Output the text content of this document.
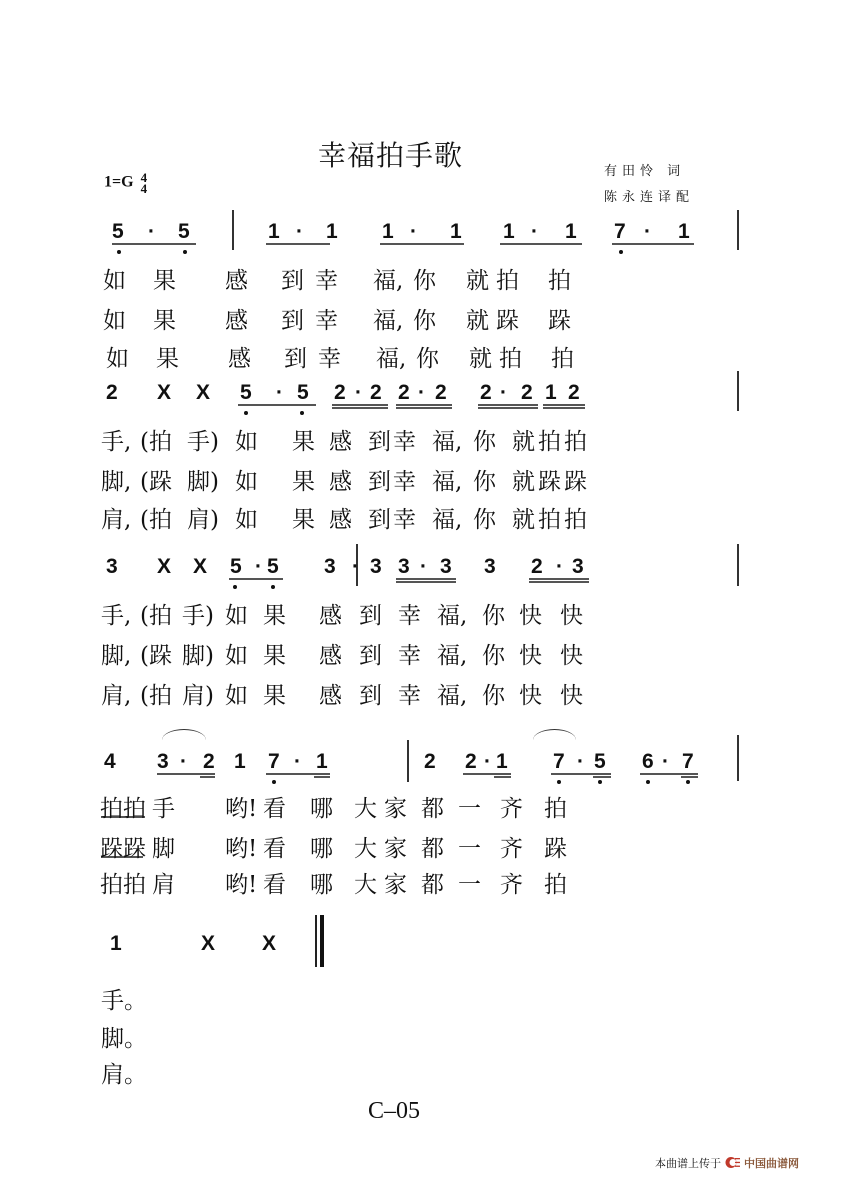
幸福拍手歌
1=G 4
4
有田怜 词
陈永连译配
5 · 5	1 · 1 1 · 1 1 · 1 7 · 1
如 果 感 到 幸 福, 你 就 拍 拍
如 果 感 到 幸 福, 你 就 跺 跺
如 果 感 到 幸 福, 你 就 拍 拍
2 X X 5 · 5 2 · 2 2 · 2 2 · 2 1 2
手, (拍 手) 如 果 感 到 幸 福, 你 就 拍 拍
脚, (跺 脚) 如 果 感 到 幸 福, 你 就 跺 跺
肩, (拍 肩) 如 果 感 到 幸 福, 你 就 拍 拍
3 X X 5 · 5 3 · 3 3 · 3 3 2 · 3
手, (拍 手) 如 果 感 到 幸 福, 你 快 快
脚, (跺 脚) 如 果 感 到 幸 福, 你 快 快
肩, (拍 肩) 如 果 感 到 幸 福, 你 快 快
4 3 · 2 1 7 · 1	2 2 · 1 7 · 5 6 · 7
拍拍 手 哟! 看 哪 大 家 都 一 齐 拍
跺跺 脚 哟! 看 哪 大 家 都 一 齐 跺
拍拍 肩 哟! 看 哪 大 家 都 一 齐 拍
1	X X
手。
脚。
肩。
C–05
本曲谱上传于 中国曲谱网
